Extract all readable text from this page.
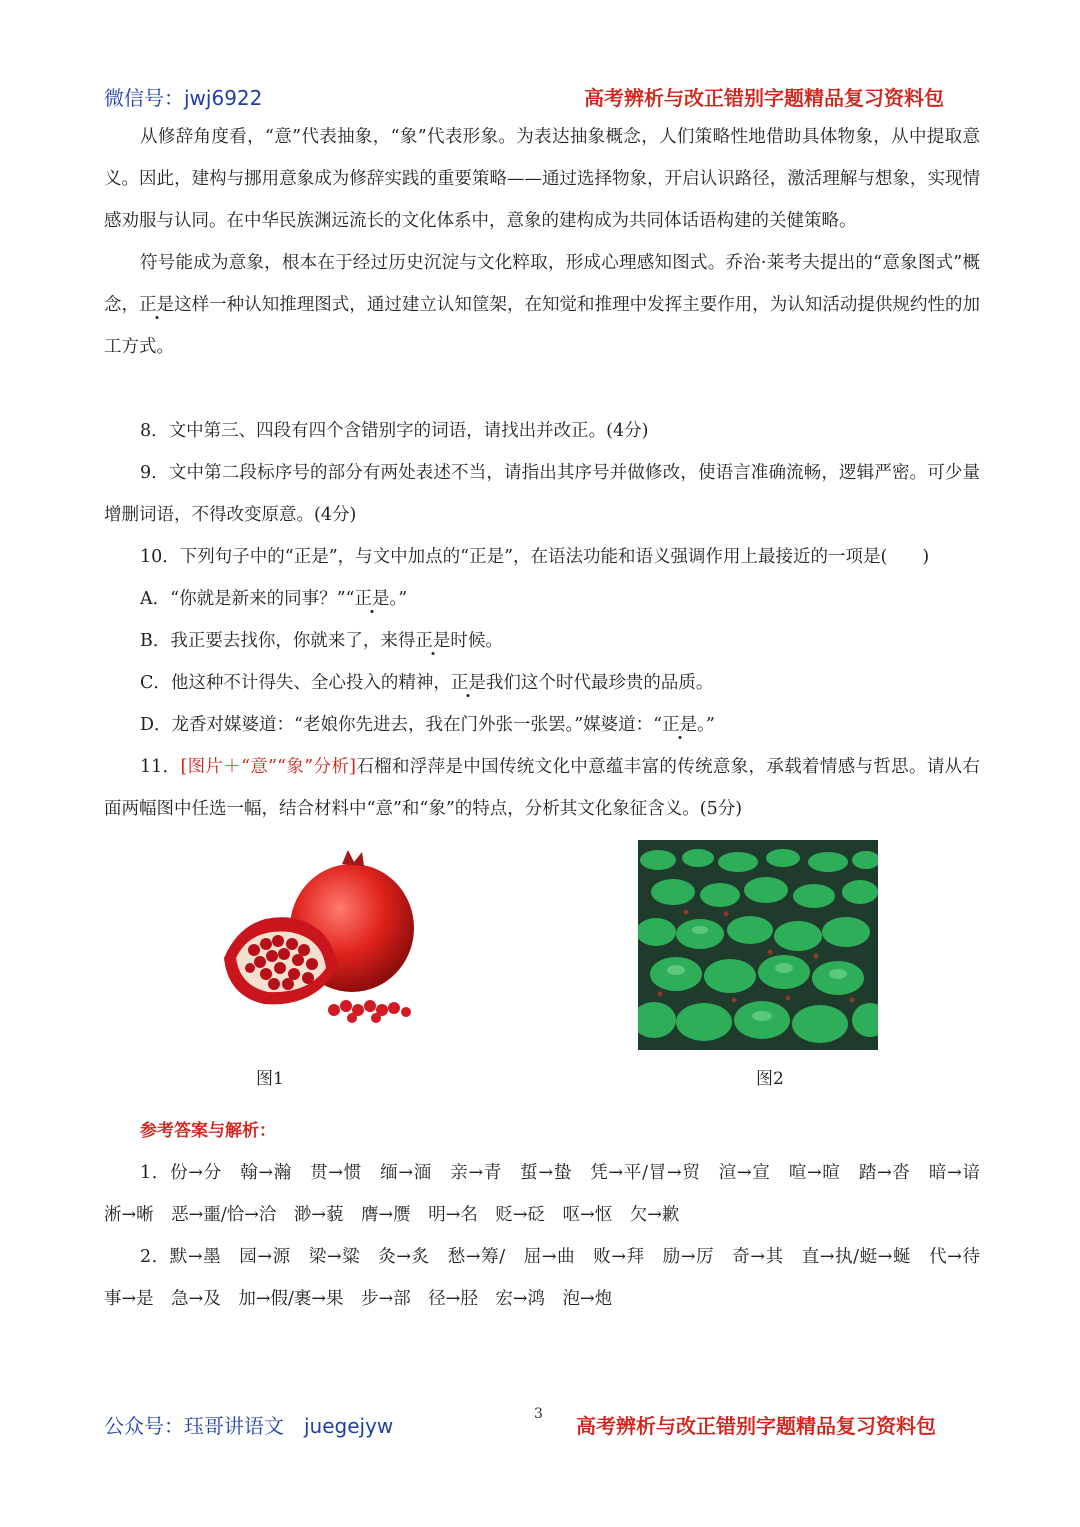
微信号：jwj6922	高考辨析与改正错别字题精品复习资料包

从修辞角度看，“意”代表抽象，“象”代表形象。为表达抽象概念，人们策略性地借助具体物象，从中提取意义。因此，建构与挪用意象成为修辞实践的重要策略——通过选择物象，开启认识路径，激活理解与想象，实现情感劝服与认同。在中华民族渊远流长的文化体系中，意象的建构成为共同体话语构建的关健策略。

符号能成为意象，根本在于经过历史沉淀与文化粹取，形成心理感知图式。乔治·莱考夫提出的“意象图式”概念，正是这样一种认知推理图式，通过建立认知筐架，在知觉和推理中发挥主要作用，为认知活动提供规约性的加工方式。

8．文中第三、四段有四个含错别字的词语，请找出并改正。(4分)

9．文中第二段标序号的部分有两处表述不当，请指出其序号并做修改，使语言准确流畅，逻辑严密。可少量增删词语，不得改变原意。(4分)

10．下列句子中的“正是”，与文中加点的“正是”，在语法功能和语义强调作用上最接近的一项是(　　)

A．“你就是新来的同事？”“正是。”

B．我正要去找你，你就来了，来得正是时候。

C．他这种不计得失、全心投入的精神，正是我们这个时代最珍贵的品质。

D．龙香对媒婆道：“老娘你先进去，我在门外张一张罢。”媒婆道：“正是。”

11．[图片＋“意”“象”分析]石榴和浮萍是中国传统文化中意蕴丰富的传统意象，承载着情感与哲思。请从右面两幅图中任选一幅，结合材料中“意”和“象”的特点，分析其文化象征含义。(5分)

图1	图2

参考答案与解析：

1．份→分　翰→瀚　贯→惯　缅→湎　亲→青　蜇→蛰　凭→平/冒→贸　渲→宣　喧→暄　踏→沓　暗→谙　淅→晰　恶→噩/恰→洽　渺→藐　膺→赝　明→名　贬→砭　呕→怄　欠→歉

2．默→墨　园→源　梁→粱　灸→炙　愁→筹/　屈→曲　败→拜　励→厉　奇→其　直→执/蜓→蜒　代→待　事→是　急→及　加→假/裹→果　步→部　径→胫　宏→鸿　泡→炮

公众号：珏哥讲语文　juegejyw	3 高考辨析与改正错别字题精品复习资料包
